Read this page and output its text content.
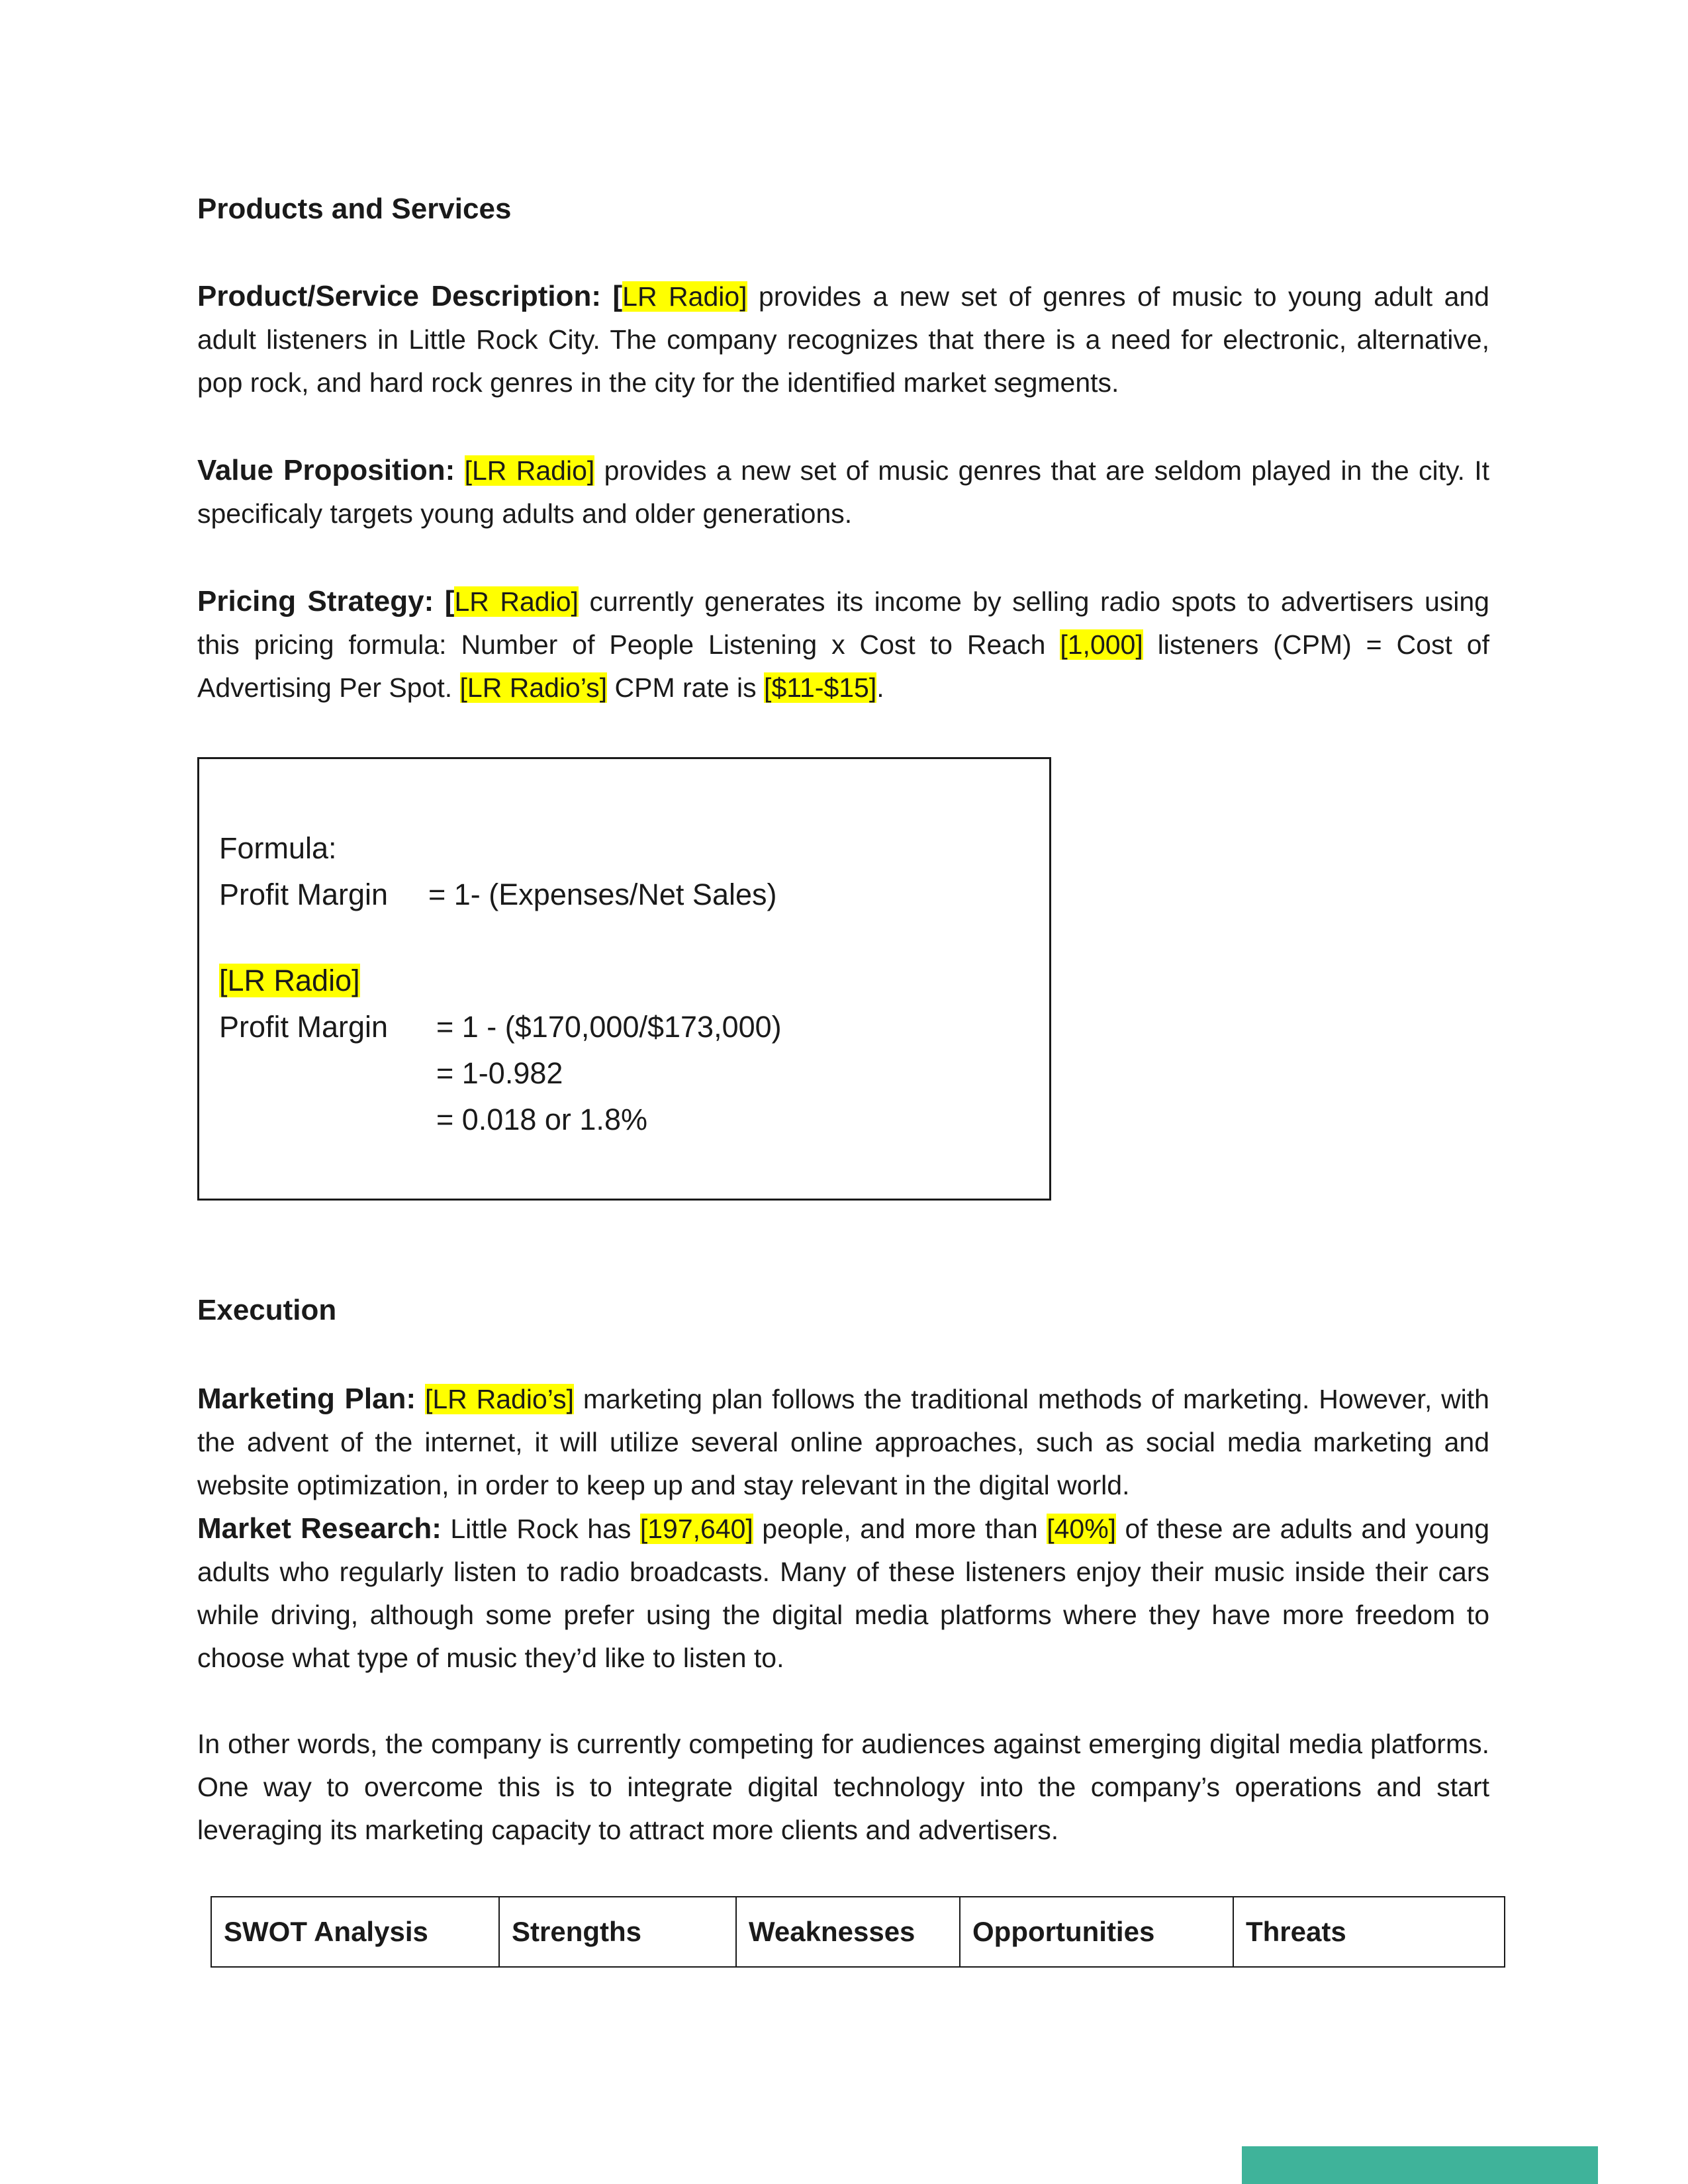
Products and Services

Product/Service Description: [LR Radio] provides a new set of genres of music to young adult and adult listeners in Little Rock City. The company recognizes that there is a need for electronic, alternative, pop rock, and hard rock genres in the city for the identified market segments.

Value Proposition: [LR Radio] provides a new set of music genres that are seldom played in the city. It specificaly targets young adults and older generations.

Pricing Strategy: [LR Radio] currently generates its income by selling radio spots to advertisers using this pricing formula: Number of People Listening x Cost to Reach [1,000] listeners (CPM) = Cost of Advertising Per Spot. [LR Radio’s] CPM rate is [$11-$15].

Formula:
Profit Margin	= 1- (Expenses/Net Sales)
[LR Radio]
Profit Margin	= 1 - ($170,000/$173,000)
= 1-0.982
= 0.018 or 1.8%
Execution

Marketing Plan: [LR Radio’s] marketing plan follows the traditional methods of marketing. However, with the advent of the internet, it will utilize several online approaches, such as social media marketing and website optimization, in order to keep up and stay relevant in the digital world.

Market Research: Little Rock has [197,640] people, and more than [40%] of these are adults and young adults who regularly listen to radio broadcasts. Many of these listeners enjoy their music inside their cars while driving, although some prefer using the digital media platforms where they have more freedom to choose what type of music they’d like to listen to.

In other words, the company is currently competing for audiences against emerging digital media platforms. One way to overcome this is to integrate digital technology into the company’s operations and start leveraging its marketing capacity to attract more clients and advertisers.

SWOT Analysis	Strengths	Weaknesses	Opportunities	Threats
